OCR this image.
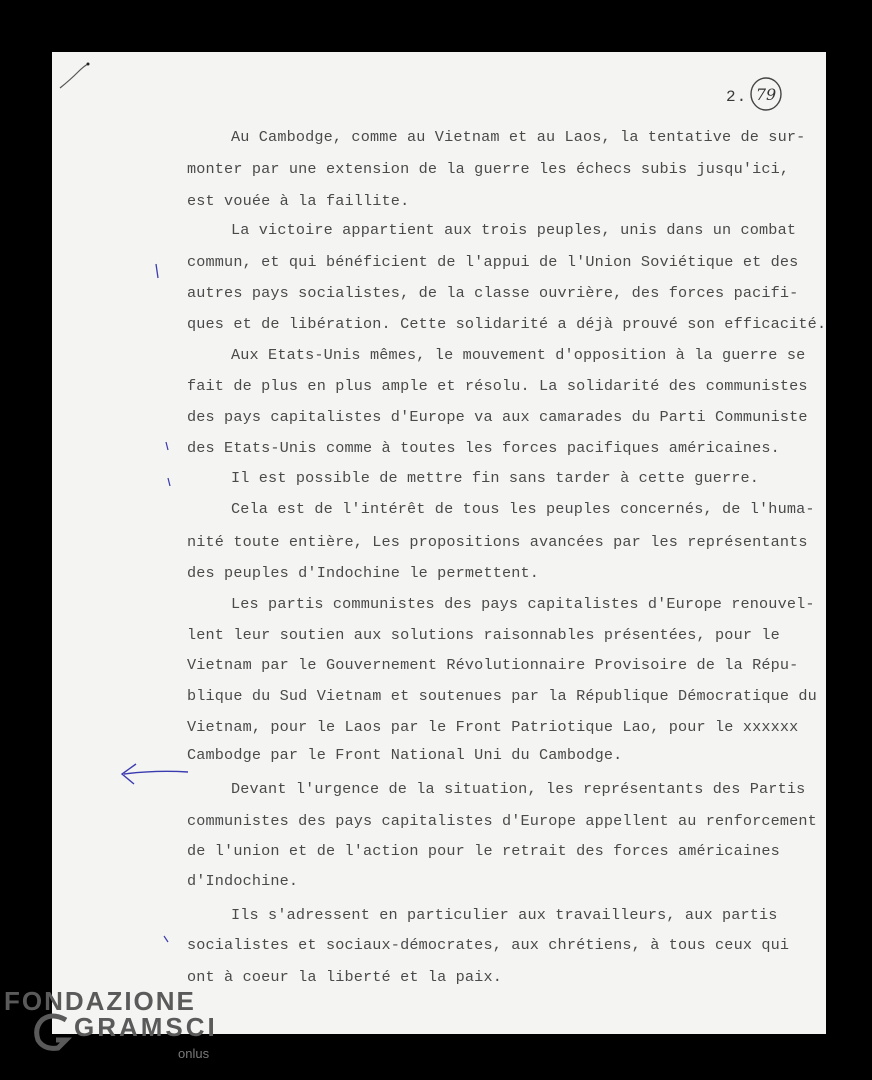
2. 79
Au Cambodge, comme au Vietnam et au Laos, la tentative de sur-
monter par une extension de la guerre les échecs subis jusqu'ici,
est vouée à la faillite.
La victoire appartient aux trois peuples, unis dans un combat
commun, et qui bénéficient de l'appui de l'Union Soviétique et des
autres pays socialistes, de la classe ouvrière, des forces pacifi-
ques et de libération. Cette solidarité a déjà prouvé son efficacité.
Aux Etats-Unis mêmes, le mouvement d'opposition à la guerre se
fait de plus en plus ample et résolu. La solidarité des communistes
des pays capitalistes d'Europe va aux camarades du Parti Communiste
des Etats-Unis comme à toutes les forces pacifiques américaines.
Il est possible de mettre fin sans tarder à cette guerre.
Cela est de l'intérêt de tous les peuples concernés, de l'huma-
nité toute entière, Les propositions avancées par les représentants
des peuples d'Indochine le permettent.
Les partis communistes des pays capitalistes d'Europe renouvel-
lent leur soutien aux solutions raisonnables présentées, pour le
Vietnam par le Gouvernement Révolutionnaire Provisoire de la Répu-
blique du Sud Vietnam et soutenues par la République Démocratique du
Vietnam, pour le Laos par le Front Patriotique Lao, pour le xxxxxx
Cambodge par le Front National Uni du Cambodge.
Devant l'urgence de la situation, les représentants des Partis
communistes des pays capitalistes d'Europe appellent au renforcement
de l'union et de l'action pour le retrait des forces américaines
d'Indochine.
Ils s'adressent en particulier aux travailleurs, aux partis
socialistes et sociaux-démocrates, aux chrétiens, à tous ceux qui
ont à coeur la liberté et la paix.
FONDAZIONE
GRAMSCI
onlus
